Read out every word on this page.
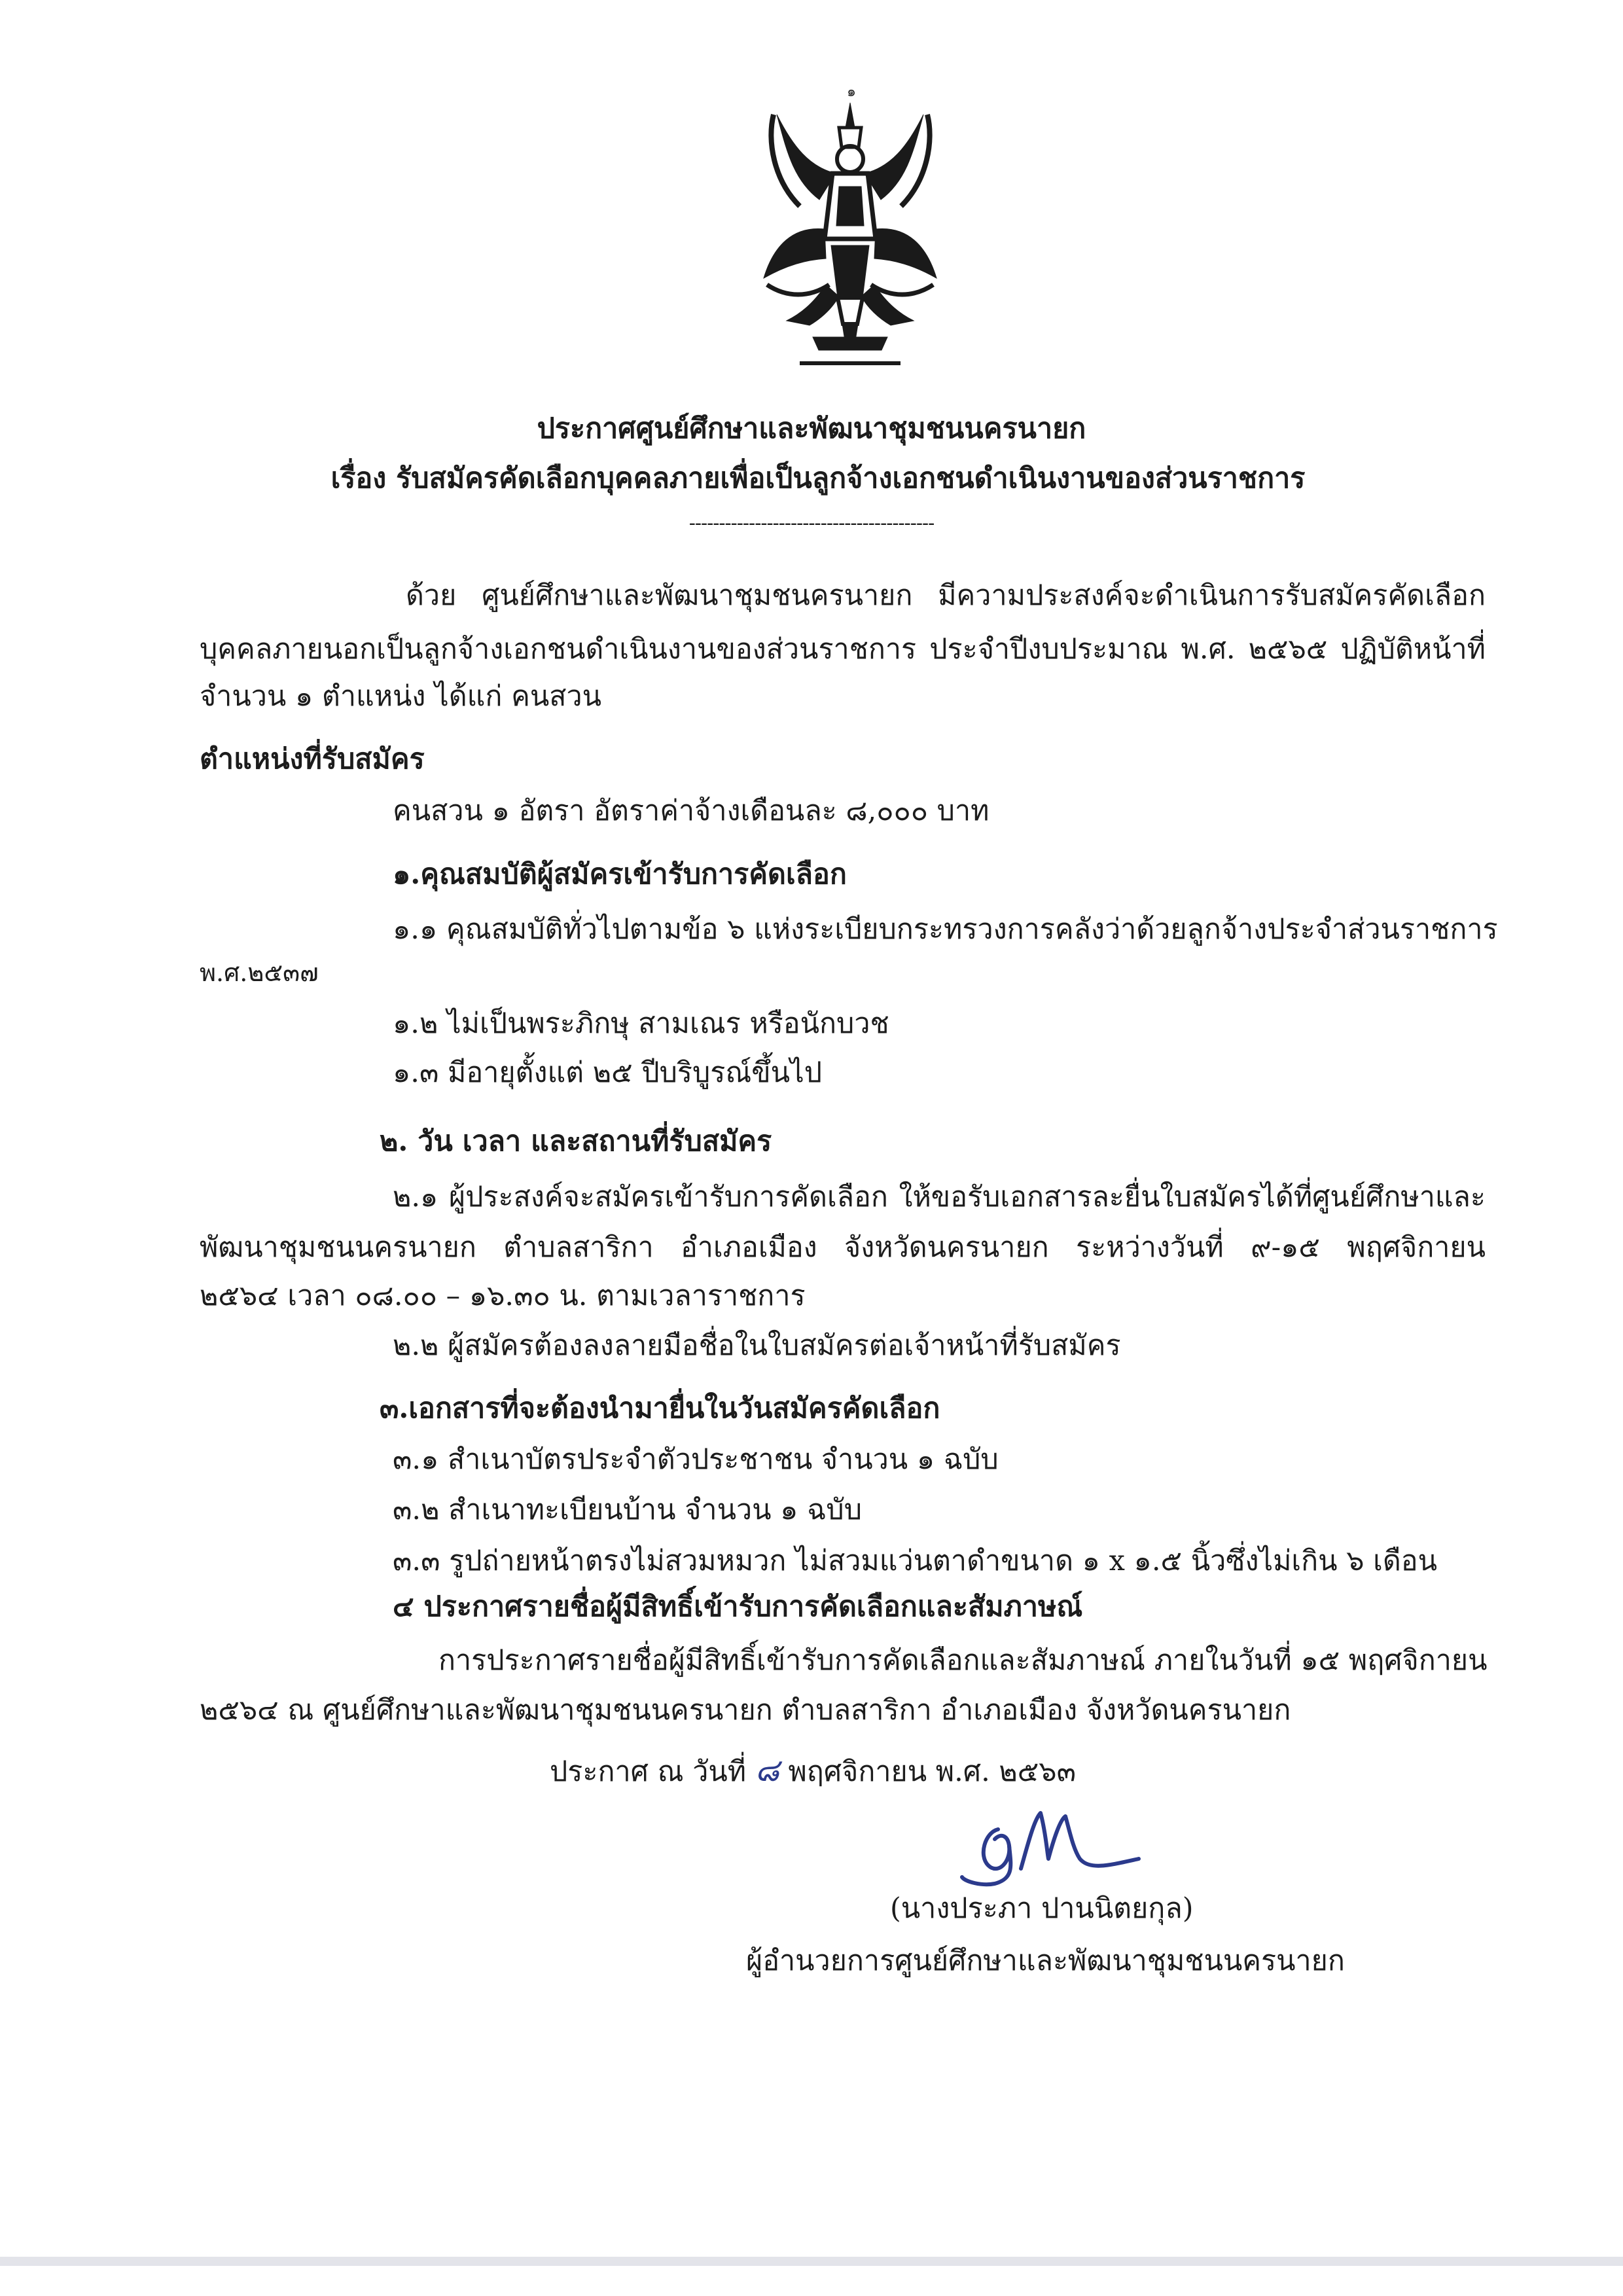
๑
ประกาศศูนย์ศึกษาและพัฒนาชุมชนนครนายก
เรื่อง รับสมัครคัดเลือกบุคคลภายเพื่อเป็นลูกจ้างเอกชนดำเนินงานของส่วนราชการ
-----------------------------------------
ด้วย ศูนย์ศึกษาและพัฒนาชุมชนครนายก มีความประสงค์จะดำเนินการรับสมัครคัดเลือก
บุคคลภายนอกเป็นลูกจ้างเอกชนดำเนินงานของส่วนราชการ ประจำปีงบประมาณ พ.ศ. ๒๕๖๕ ปฏิบัติหน้าที่
จำนวน ๑ ตำแหน่ง ได้แก่ คนสวน
ตำแหน่งที่รับสมัคร
คนสวน ๑ อัตรา อัตราค่าจ้างเดือนละ ๘,๐๐๐ บาท
๑.คุณสมบัติผู้สมัครเข้ารับการคัดเลือก
๑.๑ คุณสมบัติทั่วไปตามข้อ ๖ แห่งระเบียบกระทรวงการคลังว่าด้วยลูกจ้างประจำส่วนราชการ
พ.ศ.๒๕๓๗
๑.๒ ไม่เป็นพระภิกษุ สามเณร หรือนักบวช
๑.๓ มีอายุตั้งแต่ ๒๕ ปีบริบูรณ์ขึ้นไป
๒. วัน เวลา และสถานที่รับสมัคร
๒.๑ ผู้ประสงค์จะสมัครเข้ารับการคัดเลือก ให้ขอรับเอกสารละยื่นใบสมัครได้ที่ศูนย์ศึกษาและ
พัฒนาชุมชนนครนายก ตำบลสาริกา อำเภอเมือง จังหวัดนครนายก ระหว่างวันที่ ๙-๑๕ พฤศจิกายน
๒๕๖๔ เวลา ๐๘.๐๐ – ๑๖.๓๐ น. ตามเวลาราชการ
๒.๒ ผู้สมัครต้องลงลายมือชื่อในใบสมัครต่อเจ้าหน้าที่รับสมัคร
๓.เอกสารที่จะต้องนำมายื่นในวันสมัครคัดเลือก
๓.๑ สำเนาบัตรประจำตัวประชาชน จำนวน ๑ ฉบับ
๓.๒ สำเนาทะเบียนบ้าน จำนวน ๑ ฉบับ
๓.๓ รูปถ่ายหน้าตรงไม่สวมหมวก ไม่สวมแว่นตาดำขนาด ๑ x ๑.๕ นิ้วซึ่งไม่เกิน ๖ เดือน
๔ ประกาศรายชื่อผู้มีสิทธิ์เข้ารับการคัดเลือกและสัมภาษณ์
การประกาศรายชื่อผู้มีสิทธิ์เข้ารับการคัดเลือกและสัมภาษณ์ ภายในวันที่ ๑๕ พฤศจิกายน
๒๕๖๔ ณ ศูนย์ศึกษาและพัฒนาชุมชนนครนายก ตำบลสาริกา อำเภอเมือง จังหวัดนครนายก
ประกาศ ณ วันที่ ๘ พฤศจิกายน พ.ศ. ๒๕๖๓
(นางประภา ปานนิตยกุล)
ผู้อำนวยการศูนย์ศึกษาและพัฒนาชุมชนนครนายก
